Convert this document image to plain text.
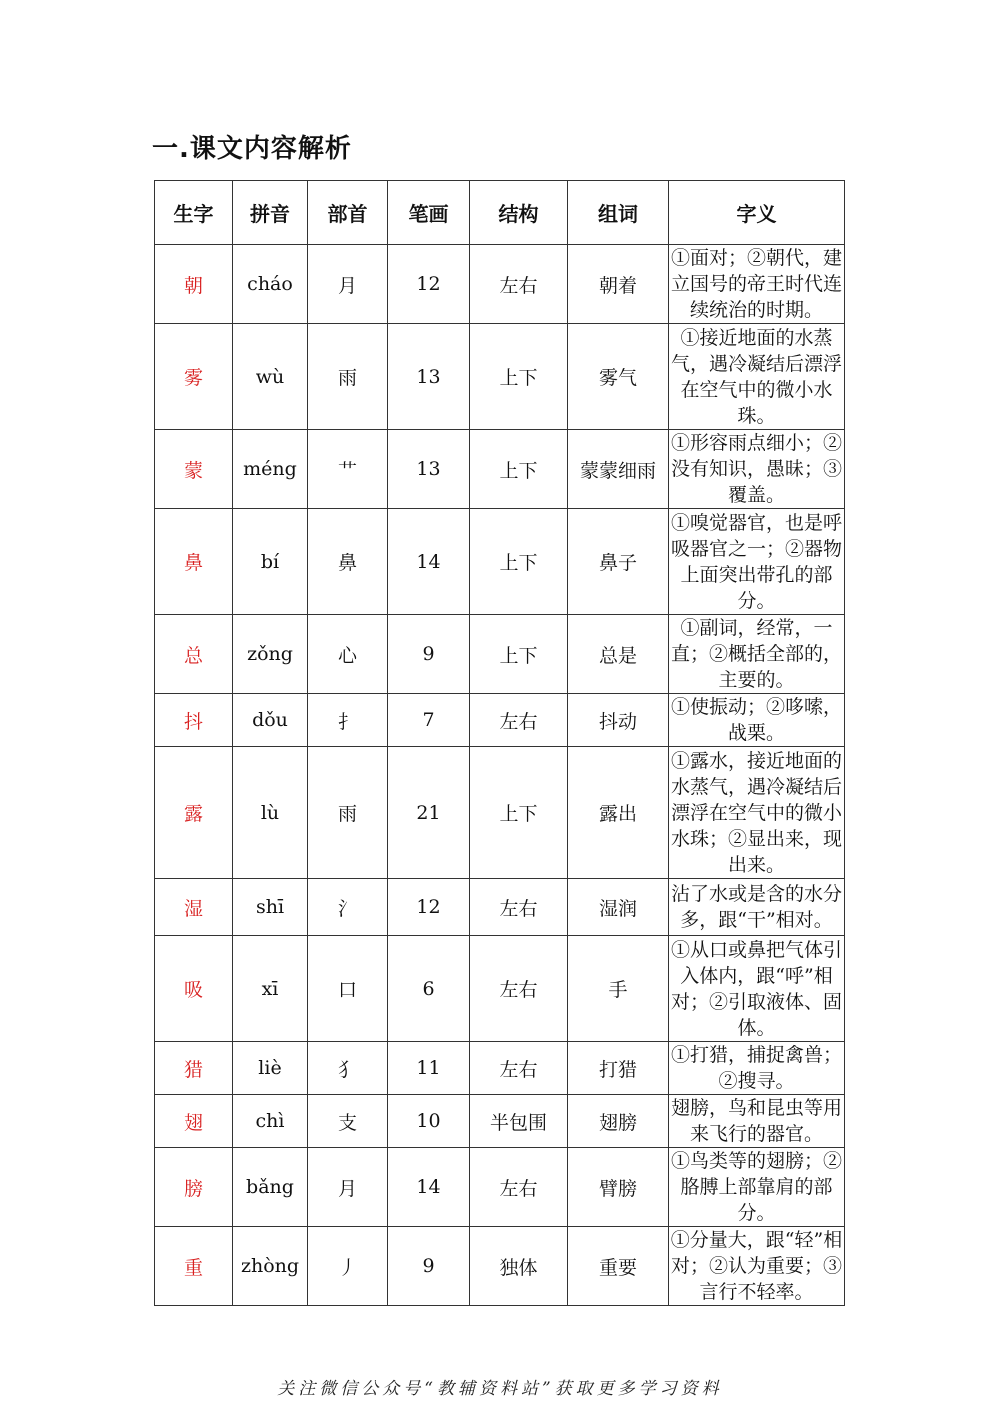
一.课文内容解析
生字	拼音	部首	笔画	结构	组词	字义
朝	cháo	月	12	左右	朝着	①面对；②朝代，建立国号的帝王时代连续统治的时期。
雾	wù	雨	13	上下	雾气	①接近地面的水蒸气，遇冷凝结后漂浮在空气中的微小水珠。
蒙	méng	艹	13	上下	蒙蒙细雨	①形容雨点细小；②没有知识，愚昧；③覆盖。
鼻	bí	鼻	14	上下	鼻子	①嗅觉器官，也是呼吸器官之一；②器物上面突出带孔的部分。
总	zǒng	心	9	上下	总是	①副词，经常，一直；②概括全部的，主要的。
抖	dǒu	扌	7	左右	抖动	①使振动；②哆嗦，战栗。
露	lù	雨	21	上下	露出	①露水，接近地面的水蒸气，遇冷凝结后漂浮在空气中的微小水珠；②显出来，现出来。
湿	shī	氵	12	左右	湿润	沾了水或是含的水分多，跟“干”相对。
吸	xī	口	6	左右	手	①从口或鼻把气体引入体内，跟“呼”相对；②引取液体、固体。
猎	liè	犭	11	左右	打猎	①打猎，捕捉禽兽；②搜寻。
翅	chì	支	10	半包围	翅膀	翅膀，鸟和昆虫等用来飞行的器官。
膀	bǎng	月	14	左右	臂膀	①鸟类等的翅膀；②胳膊上部靠肩的部分。
重	zhòng	丿	9	独体	重要	①分量大，跟“轻”相对；②认为重要；③言行不轻率。
关注微信公众号“教辅资料站”获取更多学习资料
